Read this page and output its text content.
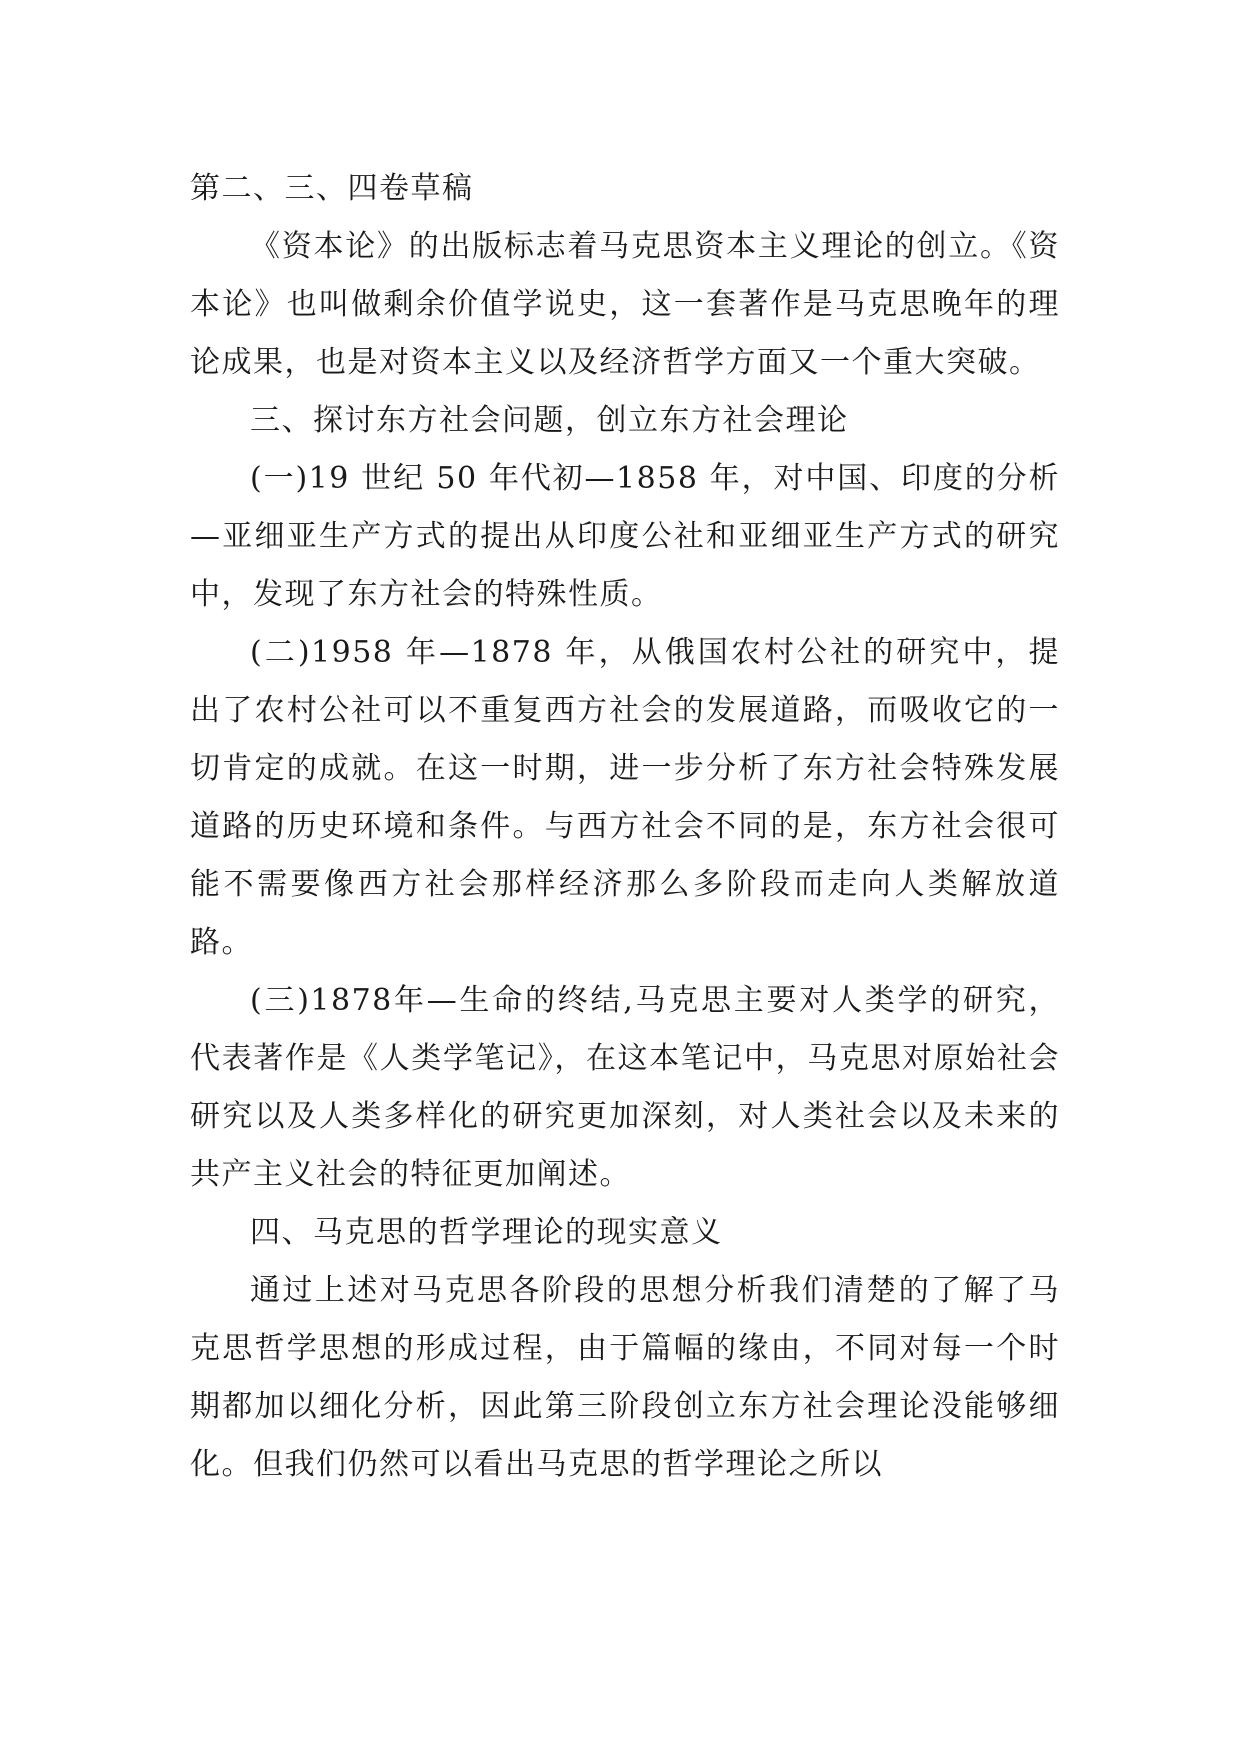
第二、三、四卷草稿

《资本论》的出版标志着马克思资本主义理论的创立。《资本论》也叫做剩余价值学说史，这一套著作是马克思晚年的理论成果，也是对资本主义以及经济哲学方面又一个重大突破。

三、探讨东方社会问题，创立东方社会理论

(一)19 世纪 50 年代初—1858 年，对中国、印度的分析—亚细亚生产方式的提出从印度公社和亚细亚生产方式的研究中，发现了东方社会的特殊性质。

(二)1958 年—1878 年，从俄国农村公社的研究中，提出了农村公社可以不重复西方社会的发展道路，而吸收它的一切肯定的成就。在这一时期，进一步分析了东方社会特殊发展道路的历史环境和条件。与西方社会不同的是，东方社会很可能不需要像西方社会那样经济那么多阶段而走向人类解放道路。

(三)1878年—生命的终结,马克思主要对人类学的研究，代表著作是《人类学笔记》，在这本笔记中，马克思对原始社会研究以及人类多样化的研究更加深刻，对人类社会以及未来的共产主义社会的特征更加阐述。

四、马克思的哲学理论的现实意义

通过上述对马克思各阶段的思想分析我们清楚的了解了马克思哲学思想的形成过程，由于篇幅的缘由，不同对每一个时期都加以细化分析，因此第三阶段创立东方社会理论没能够细化。但我们仍然可以看出马克思的哲学理论之所以
